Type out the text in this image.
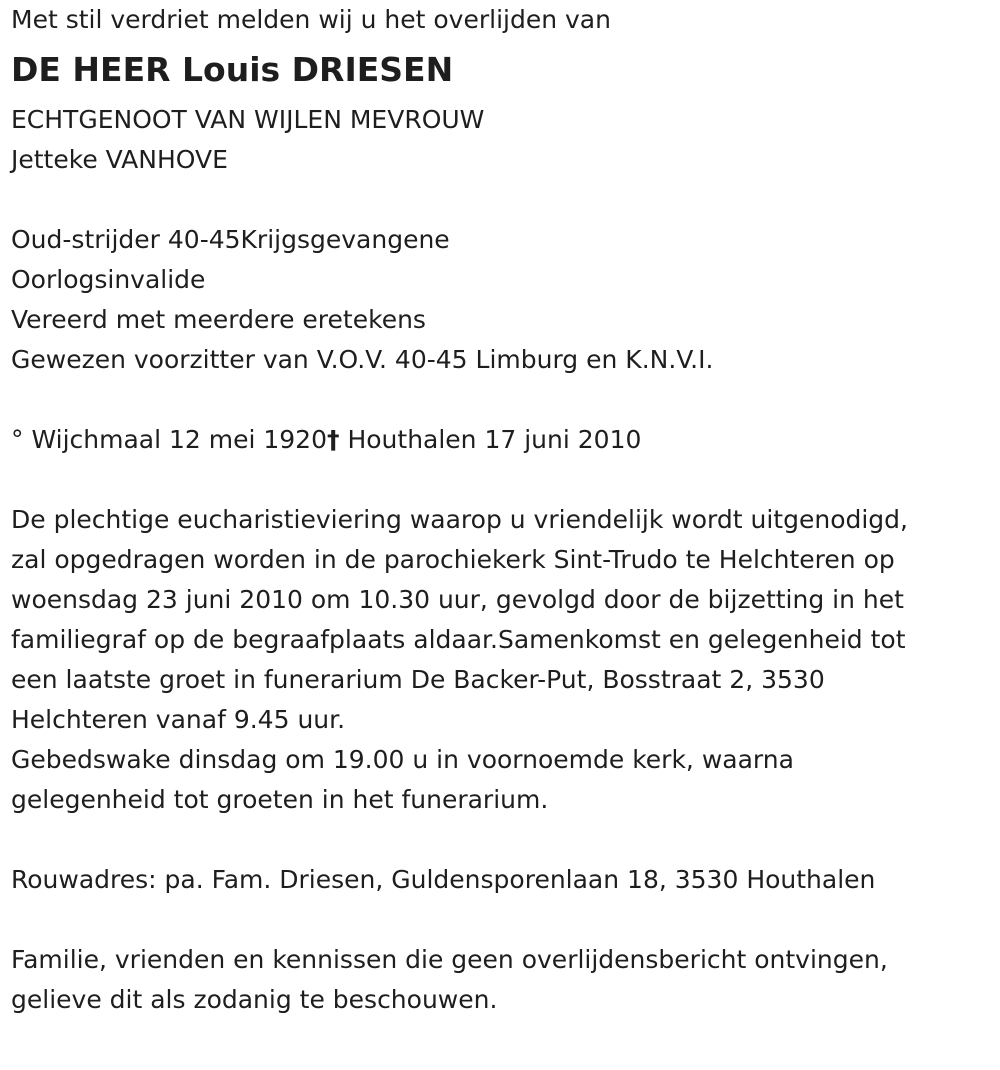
Met stil verdriet melden wij u het overlijden van
DE HEER Louis DRIESEN
ECHTGENOOT VAN WIJLEN MEVROUW
Jetteke VANHOVE
Oud-strijder 40-45Krijgsgevangene
Oorlogsinvalide
Vereerd met meerdere eretekens
Gewezen voorzitter van V.O.V. 40-45 Limburg en K.N.V.I.
° Wijchmaal 12 mei 1920† Houthalen 17 juni 2010
De plechtige eucharistieviering waarop u vriendelijk wordt uitgenodigd,
zal opgedragen worden in de parochiekerk Sint-Trudo te Helchteren op
woensdag 23 juni 2010 om 10.30 uur, gevolgd door de bijzetting in het
familiegraf op de begraafplaats aldaar.Samenkomst en gelegenheid tot
een laatste groet in funerarium De Backer-Put, Bosstraat 2, 3530
Helchteren vanaf 9.45 uur.
Gebedswake dinsdag om 19.00 u in voornoemde kerk, waarna
gelegenheid tot groeten in het funerarium.
Rouwadres: pa. Fam. Driesen, Guldensporenlaan 18, 3530 Houthalen
Familie, vrienden en kennissen die geen overlijdensbericht ontvingen,
gelieve dit als zodanig te beschouwen.
